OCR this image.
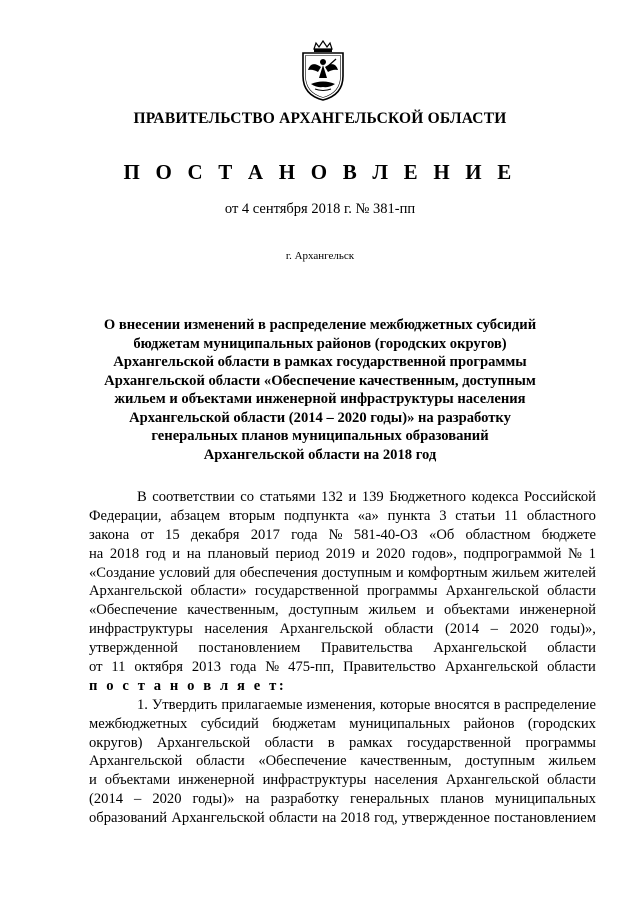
ПРАВИТЕЛЬСТВО АРХАНГЕЛЬСКОЙ ОБЛАСТИ
П О С Т А Н О В Л Е Н И Е
от 4 сентября 2018 г. № 381-пп
г. Архангельск
О внесении изменений в распределение межбюджетных субсидий
бюджетам муниципальных районов (городских округов)
Архангельской области в рамках государственной программы
Архангельской области «Обеспечение качественным, доступным
жильем и объектами инженерной инфраструктуры населения
Архангельской области (2014 – 2020 годы)» на разработку
генеральных планов муниципальных образований
Архангельской области на 2018 год
В соответствии со статьями 132 и 139 Бюджетного кодекса Российской
Федерации, абзацем вторым подпункта «а» пункта 3 статьи 11 областного
закона от 15 декабря 2017 года № 581-40-ОЗ «Об областном бюджете
на 2018 год и на плановый период 2019 и 2020 годов», подпрограммой № 1
«Создание условий для обеспечения доступным и комфортным жильем жителей
Архангельской области» государственной программы Архангельской области
«Обеспечение качественным, доступным жильем и объектами инженерной
инфраструктуры населения Архангельской области (2014 – 2020 годы)»,
утвержденной постановлением Правительства Архангельской области
от 11 октября 2013 года № 475-пп, Правительство Архангельской области
п о с т а н о в л я е т:
1. Утвердить прилагаемые изменения, которые вносятся в распределение
межбюджетных субсидий бюджетам муниципальных районов (городских
округов) Архангельской области в рамках государственной программы
Архангельской области «Обеспечение качественным, доступным жильем
и объектами инженерной инфраструктуры населения Архангельской области
(2014 – 2020 годы)» на разработку генеральных планов муниципальных
образований Архангельской области на 2018 год, утвержденное постановлением
